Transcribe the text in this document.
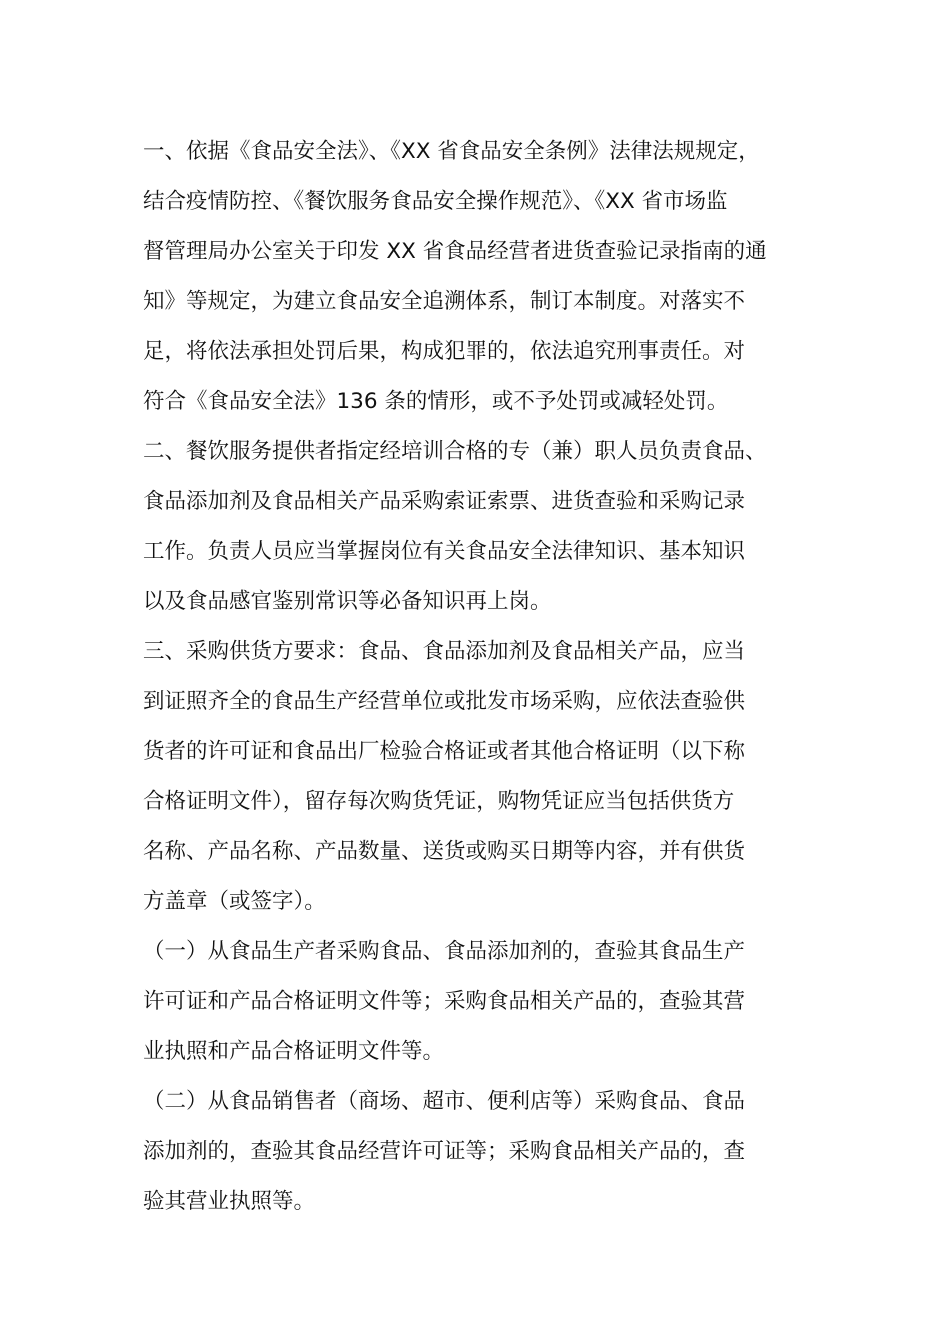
一、依据《食品安全法》、《XX 省食品安全条例》法律法规规定，
结合疫情防控、《餐饮服务食品安全操作规范》、《XX 省市场监
督管理局办公室关于印发 XX 省食品经营者进货查验记录指南的通
知》等规定，为建立食品安全追溯体系，制订本制度。对落实不
足，将依法承担处罚后果，构成犯罪的，依法追究刑事责任。对
符合《食品安全法》136 条的情形，或不予处罚或减轻处罚。
二、餐饮服务提供者指定经培训合格的专（兼）职人员负责食品、
食品添加剂及食品相关产品采购索证索票、进货查验和采购记录
工作。负责人员应当掌握岗位有关食品安全法律知识、基本知识
以及食品感官鉴别常识等必备知识再上岗。
三、采购供货方要求：食品、食品添加剂及食品相关产品，应当
到证照齐全的食品生产经营单位或批发市场采购，应依法查验供
货者的许可证和食品出厂检验合格证或者其他合格证明（以下称
合格证明文件），留存每次购货凭证，购物凭证应当包括供货方
名称、产品名称、产品数量、送货或购买日期等内容，并有供货
方盖章（或签字）。
（一）从食品生产者采购食品、食品添加剂的，查验其食品生产
许可证和产品合格证明文件等；采购食品相关产品的，查验其营
业执照和产品合格证明文件等。
（二）从食品销售者（商场、超市、便利店等）采购食品、食品
添加剂的，查验其食品经营许可证等；采购食品相关产品的，查
验其营业执照等。
